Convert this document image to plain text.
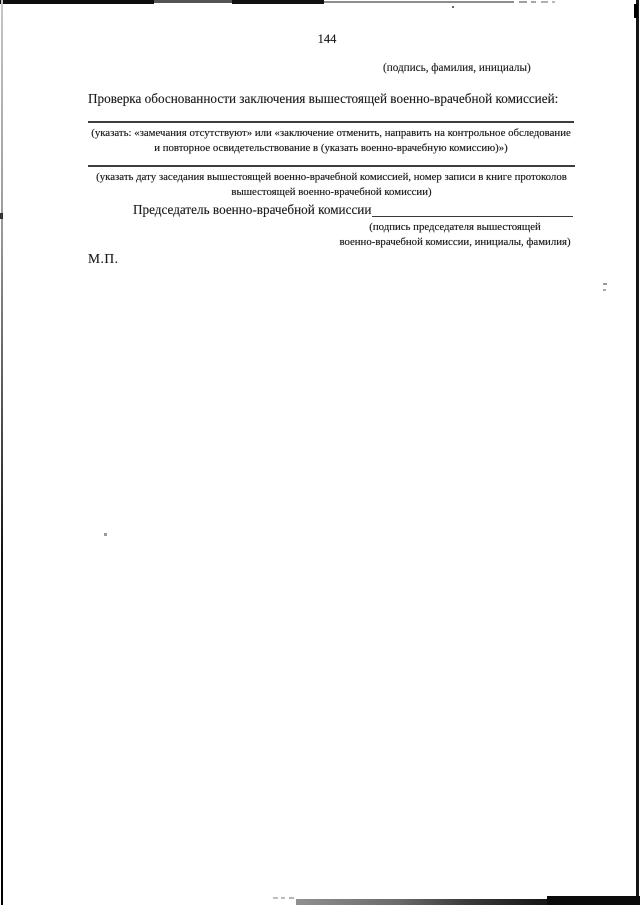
144
(подпись, фамилия, инициалы)
Проверка обоснованности заключения вышестоящей военно-врачебной комиссией:
(указать: «замечания отсутствуют» или «заключение отменить, направить на контрольное обследование
и повторное освидетельствование в (указать военно-врачебную комиссию)»)
(указать дату заседания вышестоящей военно-врачебной комиссией, номер записи в книге протоколов
вышестоящей военно-врачебной комиссии)
Председатель военно-врачебной комиссии
(подпись председателя вышестоящей
военно-врачебной комиссии, инициалы, фамилия)
М.П.
